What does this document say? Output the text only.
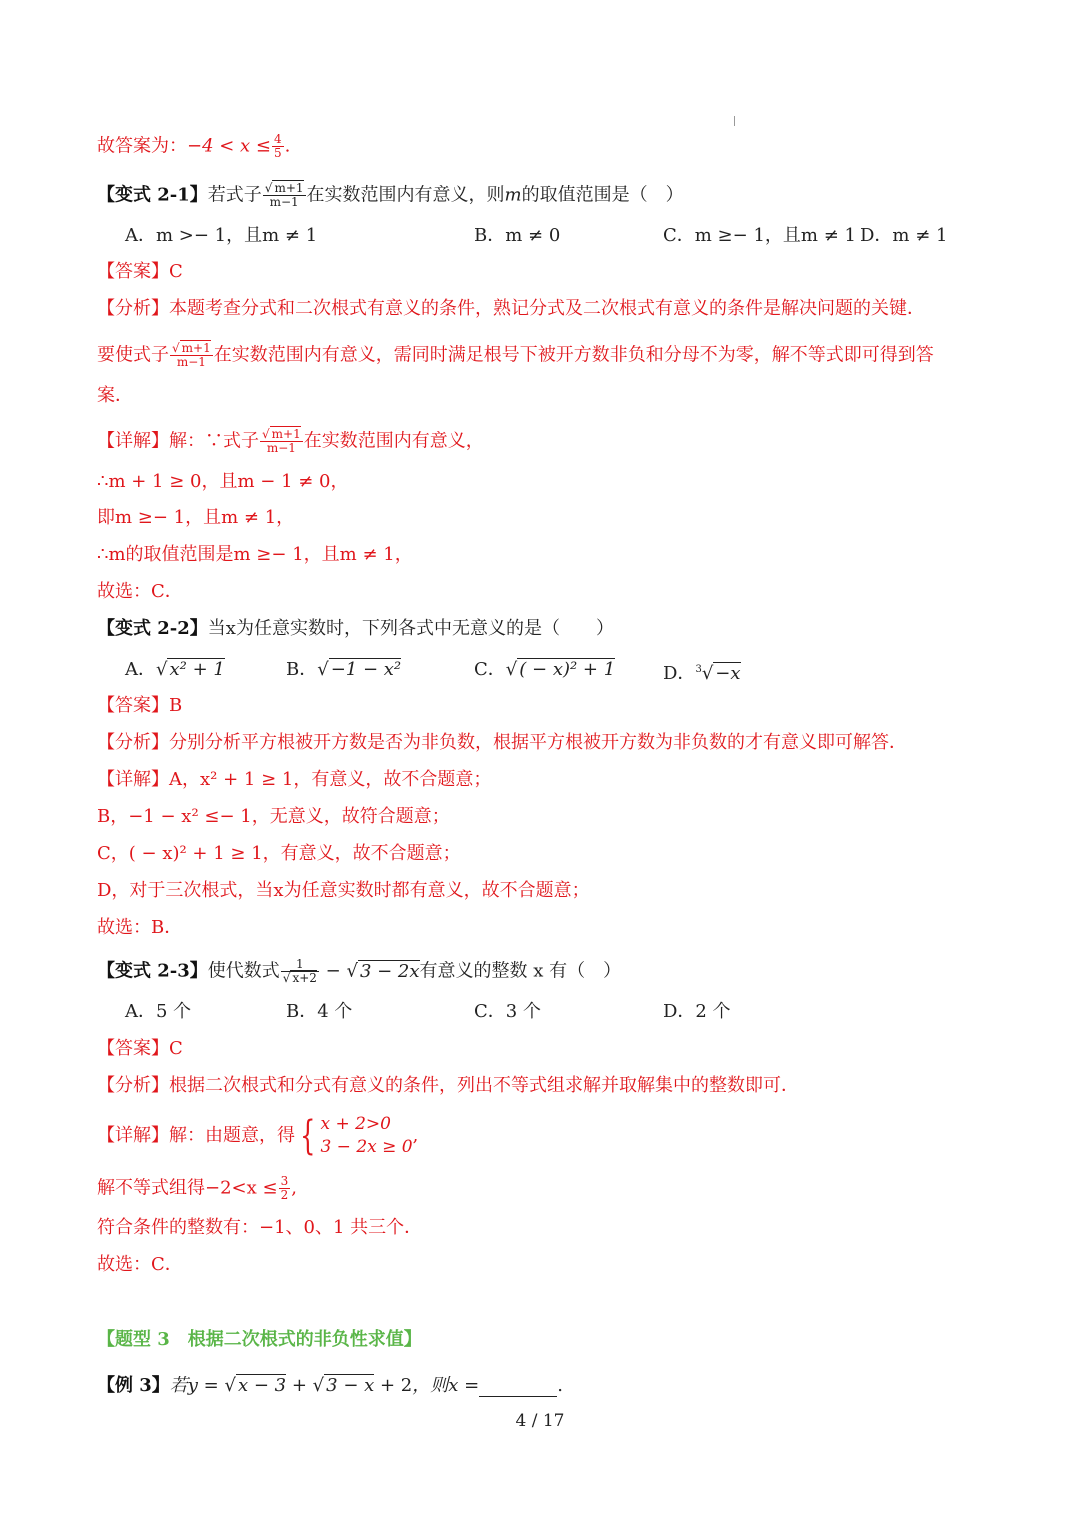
故答案为：$-4 < x \le \frac{4}{5}$ .
【变式 2-1】若式子 $\frac{√ m+1}{m-1}$ 在实数范围内有意义，则m的取值范围是（　）
A．m >− 1，且m ≠ 1	B．m ≠ 0	C．m ≥− 1，且m ≠ 1 D．m ≠ 1
【答案】C
【分析】本题考查分式和二次根式有意义的条件，熟记分式及二次根式有意义的条件是解决问题的关键．
要使式子 $\frac{√ m+1}{m-1}$ 在实数范围内有意义，需同时满足根号下被开方数非负和分母不为零，解不等式即可得到答
案．
【详解】解：∵式子 $\frac{√ m+1}{m-1}$ 在实数范围内有意义，
∴m + 1 ≥ 0，且m − 1 ≠ 0，
即m ≥− 1，且m ≠ 1，
∴m的取值范围是m ≥− 1，且m ≠ 1，
故选：C．
【变式 2-2】当x为任意实数时，下列各式中无意义的是（　　）
A．√ x² + 1	B．√ −1 − x²	C．√ ( − x)² + 1	D．$^3$√ −x
【答案】B
【分析】分别分析平方根被开方数是否为非负数，根据平方根被开方数为非负数的才有意义即可解答．
【详解】A，x² + 1 ≥ 1，有意义，故不合题意；
B，−1 − x² ≤− 1，无意义，故符合题意；
C，( − x)² + 1 ≥ 1，有意义，故不合题意；
D，对于三次根式，当x为任意实数时都有意义，故不合题意；
故选：B．
【变式 2-3】使代数式 $\frac{1}{√ x+2}$ − √ 3 − 2x有意义的整数 x 有（　）
A．5 个	B．4 个	C．3 个	D．2 个
【答案】C
【分析】根据二次根式和分式有意义的条件，列出不等式组求解并取解集中的整数即可．
【详解】解：由题意，得 { x + 2>0
3 − 2x ≥ 0
,
解不等式组得$-2<x \le \frac{3}{2}$ ,
符合条件的整数有：−1、0、1 共三个．
故选：C．
【题型 3　根据二次根式的非负性求值】
【例 3】若y = √ x − 3 + √ 3 − x + 2，则x =	.
4 / 17
